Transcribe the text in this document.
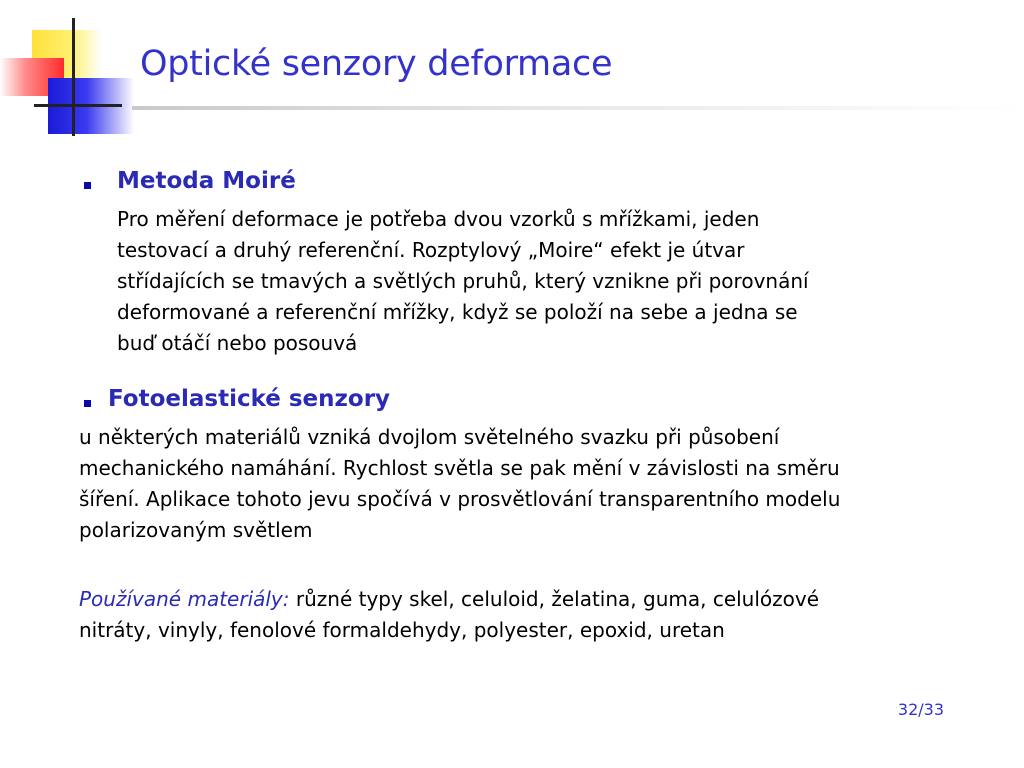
Optické senzory deformace
Metoda Moiré
Pro měření deformace je potřeba dvou vzorků s mřížkami, jeden
testovací a druhý referenční. Rozptylový „Moire“ efekt je útvar
střídajících se tmavých a světlých pruhů, který vznikne při porovnání
deformované a referenční mřížky, když se položí na sebe a jedna se
buď otáčí nebo posouvá
Fotoelastické senzory
u některých materiálů vzniká dvojlom světelného svazku při působení
mechanického namáhání. Rychlost světla se pak mění v závislosti na směru
šíření. Aplikace tohoto jevu spočívá v prosvětlování transparentního modelu
polarizovaným světlem
Používané materiály: různé typy skel, celuloid, želatina, guma, celulózové
nitráty, vinyly, fenolové formaldehydy, polyester, epoxid, uretan
32/33
